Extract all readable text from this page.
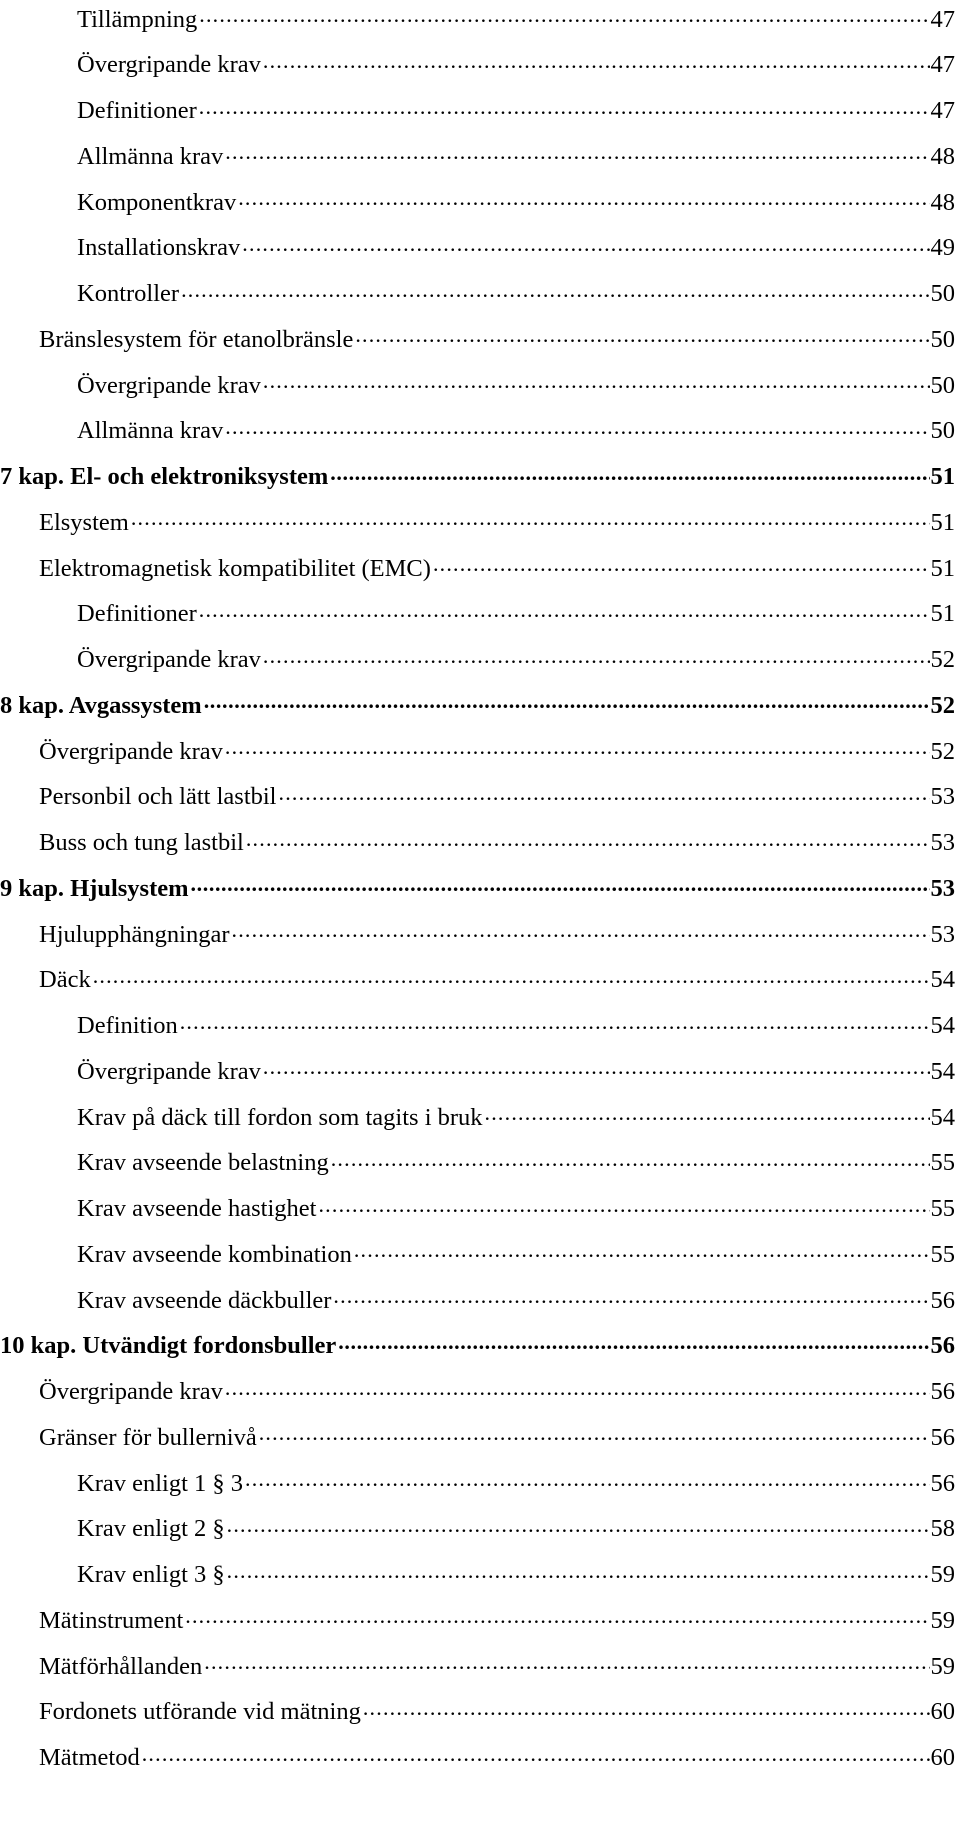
Tillämpning .....	47
Övergripande krav .....	47
Definitioner .....	47
Allmänna krav .....	48
Komponentkrav .....	48
Installationskrav .....	49
Kontroller .....	50
Bränslesystem för etanolbränsle .....	50
Övergripande krav .....	50
Allmänna krav .....	50
7 kap. El- och elektroniksystem .....	51
Elsystem .....	51
Elektromagnetisk kompatibilitet (EMC) .....	51
Definitioner .....	51
Övergripande krav .....	52
8 kap. Avgassystem .....	52
Övergripande krav .....	52
Personbil och lätt lastbil .....	53
Buss och tung lastbil .....	53
9 kap. Hjulsystem .....	53
Hjulupphängningar .....	53
Däck .....	54
Definition .....	54
Övergripande krav .....	54
Krav på däck till fordon som tagits i bruk .....	54
Krav avseende belastning .....	55
Krav avseende hastighet .....	55
Krav avseende kombination .....	55
Krav avseende däckbuller .....	56
10 kap. Utvändigt fordonsbuller .....	56
Övergripande krav .....	56
Gränser för bullernivå .....	56
Krav enligt 1 § 3 .....	56
Krav enligt 2 § .....	58
Krav enligt 3 § .....	59
Mätinstrument .....	59
Mätförhållanden .....	59
Fordonets utförande vid mätning .....	60
Mätmetod .....	60
